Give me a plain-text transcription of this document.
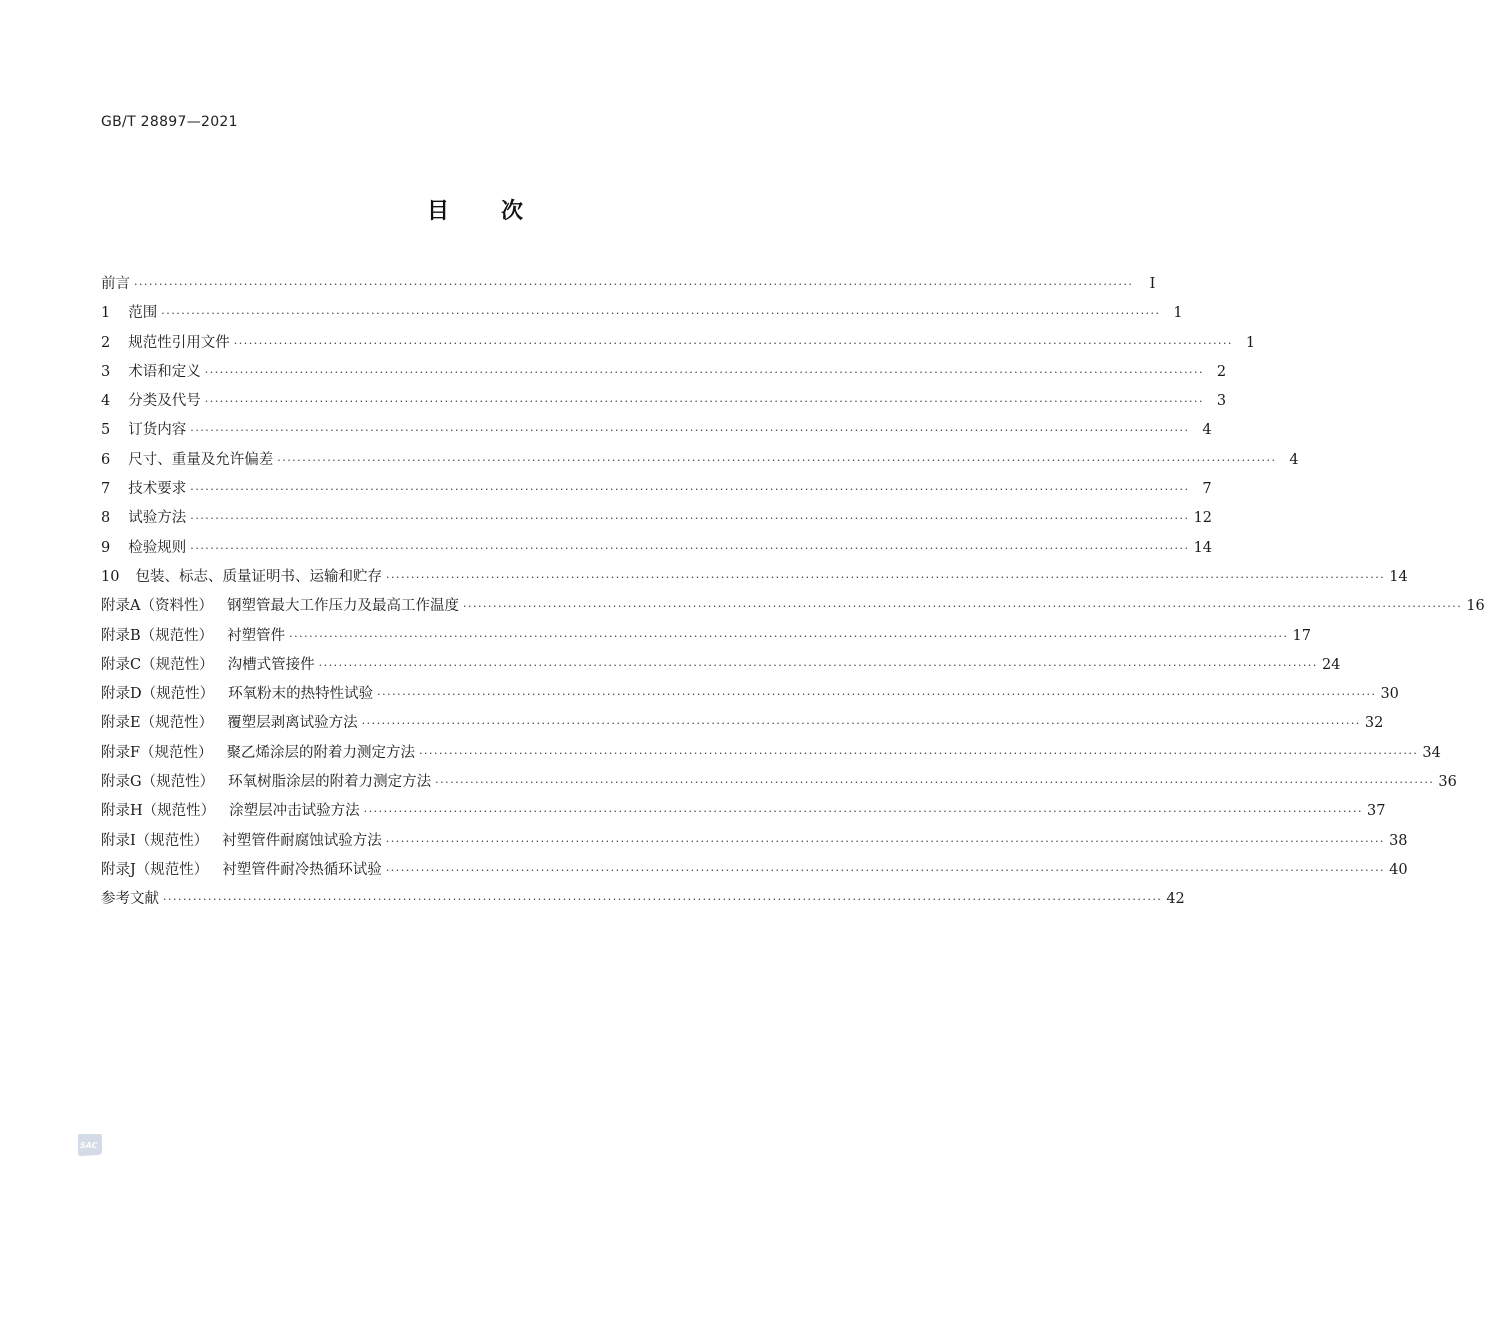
GB/T 28897—2021
目次
前言 ········································································································································································································	Ⅰ
1 范围 ········································································································································································································ 1
2 规范性引用文件 ········································································································································································································ 1
3 术语和定义 ········································································································································································································ 2
4 分类及代号 ········································································································································································································ 3
5 订货内容 ········································································································································································································ 4
6 尺寸、重量及允许偏差 ········································································································································································································ 4
7 技术要求 ········································································································································································································ 7
8 试验方法 ········································································································································································································ 12
9 检验规则 ········································································································································································································ 14
10 包装、标志、质量证明书、运输和贮存 ········································································································································································································ 14
附录A（资料性） 钢塑管最大工作压力及最高工作温度 ········································································································································································································ 16
附录B（规范性） 衬塑管件 ········································································································································································································ 17
附录C（规范性） 沟槽式管接件 ········································································································································································································ 24
附录D（规范性） 环氧粉末的热特性试验 ········································································································································································································ 30
附录E（规范性） 覆塑层剥离试验方法 ········································································································································································································ 32
附录F（规范性） 聚乙烯涂层的附着力测定方法 ········································································································································································································ 34
附录G（规范性） 环氧树脂涂层的附着力测定方法 ········································································································································································································ 36
附录H（规范性） 涂塑层冲击试验方法 ········································································································································································································ 37
附录I（规范性） 衬塑管件耐腐蚀试验方法 ········································································································································································································ 38
附录J（规范性） 衬塑管件耐冷热循环试验 ········································································································································································································ 40
参考文献 ········································································································································································································ 42
SAC
